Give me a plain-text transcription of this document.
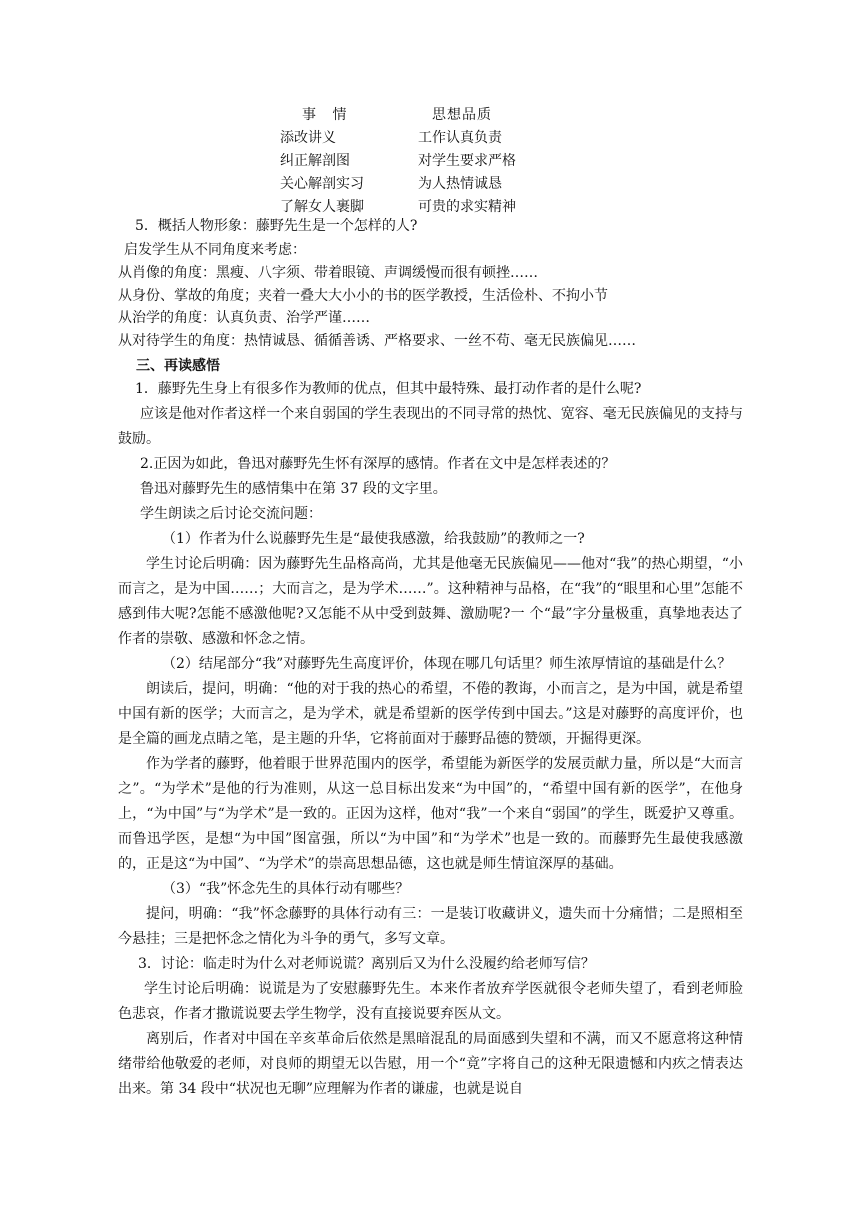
事 情	思想品质
添改讲义	工作认真负责
纠正解剖图	对学生要求严格
关心解剖实习	为人热情诚恳
了解女人裹脚	可贵的求实精神
5．概括人物形象：藤野先生是一个怎样的人?
启发学生从不同角度来考虑：
从肖像的角度：黑瘦、八字须、带着眼镜、声调缓慢而很有顿挫……
从身份、掌故的角度；夹着一叠大大小小的书的医学教授，生活俭朴、不拘小节
从治学的角度：认真负责、治学严谨……
从对待学生的角度：热情诚恳、循循善诱、严格要求、一丝不苟、毫无民族偏见……
三、再读感悟
1．藤野先生身上有很多作为教师的优点，但其中最特殊、最打动作者的是什么呢?
应该是他对作者这样一个来自弱国的学生表现出的不同寻常的热忱、宽容、毫无民族偏见的支持与鼓励。
2.正因为如此，鲁迅对藤野先生怀有深厚的感情。作者在文中是怎样表述的？
鲁迅对藤野先生的感情集中在第 37 段的文字里。
学生朗读之后讨论交流问题：
（1）作者为什么说藤野先生是“最使我感激，给我鼓励”的教师之一?
学生讨论后明确：因为藤野先生品格高尚，尤其是他毫无民族偏见——他对“我”的热心期望，“小而言之，是为中国……；大而言之，是为学术……”。这种精神与品格，在“我”的“眼里和心里”怎能不感到伟大呢?怎能不感激他呢?又怎能不从中受到鼓舞、激励呢?一 个“最”字分量极重，真挚地表达了作者的崇敬、感激和怀念之情。
（2）结尾部分“我”对藤野先生高度评价，体现在哪几句话里？师生浓厚情谊的基础是什么？
朗读后，提问，明确：“他的对于我的热心的希望，不倦的教诲，小而言之，是为中国，就是希望中国有新的医学；大而言之，是为学术，就是希望新的医学传到中国去。”这是对藤野的高度评价，也是全篇的画龙点睛之笔，是主题的升华，它将前面对于藤野品德的赞颂，开掘得更深。
作为学者的藤野，他着眼于世界范围内的医学，希望能为新医学的发展贡献力量，所以是“大而言之”。“为学术”是他的行为准则，从这一总目标出发来“为中国”的，“希望中国有新的医学”，在他身上，“为中国”与“为学术”是一致的。正因为这样，他对“我”一个来自“弱国”的学生，既爱护又尊重。而鲁迅学医，是想“为中国”图富强，所以“为中国”和“为学术”也是一致的。而藤野先生最使我感激的，正是这“为中国”、“为学术”的崇高思想品德，这也就是师生情谊深厚的基础。
（3）“我”怀念先生的具体行动有哪些？
提问，明确：“我”怀念藤野的具体行动有三：一是装订收藏讲义，遗失而十分痛惜；二是照相至今悬挂；三是把怀念之情化为斗争的勇气，多写文章。
3．讨论：临走时为什么对老师说谎？离别后又为什么没履约给老师写信？
学生讨论后明确：说谎是为了安慰藤野先生。本来作者放弃学医就很令老师失望了，看到老师脸色悲哀，作者才撒谎说要去学生物学，没有直接说要弃医从文。
离别后，作者对中国在辛亥革命后依然是黑暗混乱的局面感到失望和不满，而又不愿意将这种情绪带给他敬爱的老师，对良师的期望无以告慰，用一个“竟”字将自己的这种无限遗憾和内疚之情表达出来。第 34 段中“状况也无聊”应理解为作者的谦虚，也就是说自
